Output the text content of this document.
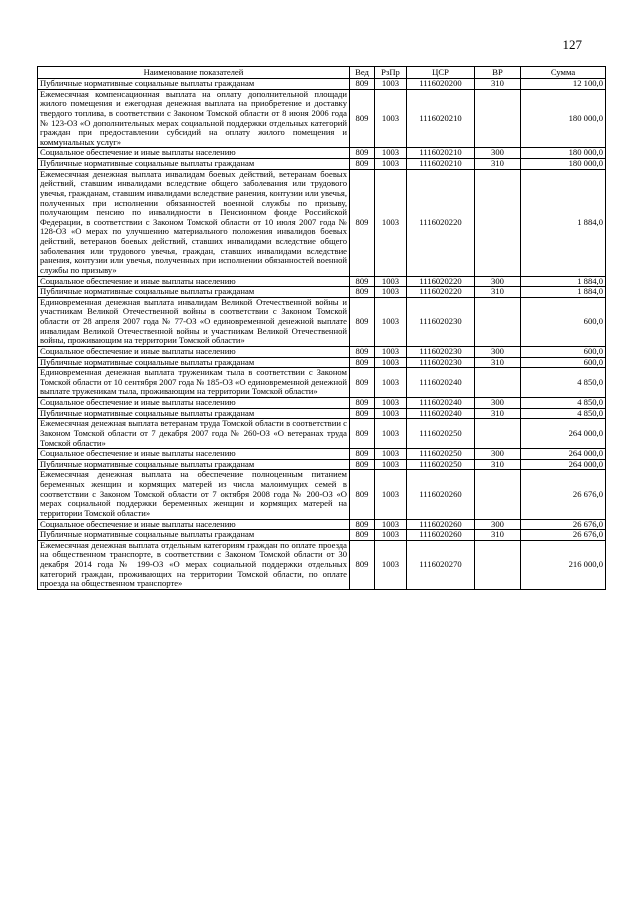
127
Наименование показателей	Вед	РзПр	ЦСР	ВР	Сумма
Публичные нормативные социальные выплаты гражданам	809	1003	1116020200	310	12 100,0
Ежемесячная компенсационная выплата на оплату дополнительной площади жилого помещения и ежегодная денежная выплата на приобретение и доставку твердого топлива, в соответствии с Законом Томской области от 8 июня 2006 года № 123-ОЗ «О дополнительных мерах социальной поддержки отдельных категорий граждан при предоставлении субсидий на оплату жилого помещения и коммунальных услуг»	809	1003	1116020210		180 000,0
Социальное обеспечение и иные выплаты населению	809	1003	1116020210	300	180 000,0
Публичные нормативные социальные выплаты гражданам	809	1003	1116020210	310	180 000,0
Ежемесячная денежная выплата инвалидам боевых действий, ветеранам боевых действий, ставшим инвалидами вследствие общего заболевания или трудового увечья, гражданам, ставшим инвалидами вследствие ранения, контузии или увечья, полученных при исполнении обязанностей военной службы по призыву, получающим пенсию по инвалидности в Пенсионном фонде Российской Федерации, в соответствии с Законом Томской области от 10 июля 2007 года № 128-ОЗ «О мерах по улучшению материального положения инвалидов боевых действий, ветеранов боевых действий, ставших инвалидами вследствие общего заболевания или трудового увечья, граждан, ставших инвалидами вследствие ранения, контузии или увечья, полученных при исполнении обязанностей военной службы по призыву»	809	1003	1116020220		1 884,0
Социальное обеспечение и иные выплаты населению	809	1003	1116020220	300	1 884,0
Публичные нормативные социальные выплаты гражданам	809	1003	1116020220	310	1 884,0
Единовременная денежная выплата инвалидам Великой Отечественной войны и участникам Великой Отечественной войны в соответствии с Законом Томской области от 28 апреля 2007 года № 77-ОЗ «О единовременной денежной выплате инвалидам Великой Отечественной войны и участникам Великой Отечественной войны, проживающим на территории Томской области»	809	1003	1116020230		600,0
Социальное обеспечение и иные выплаты населению	809	1003	1116020230	300	600,0
Публичные нормативные социальные выплаты гражданам	809	1003	1116020230	310	600,0
Единовременная денежная выплата труженикам тыла в соответствии с Законом Томской области от 10 сентября 2007 года № 185-ОЗ «О единовременной денежной выплате труженикам тыла, проживающим на территории Томской области»	809	1003	1116020240		4 850,0
Социальное обеспечение и иные выплаты населению	809	1003	1116020240	300	4 850,0
Публичные нормативные социальные выплаты гражданам	809	1003	1116020240	310	4 850,0
Ежемесячная денежная выплата ветеранам труда Томской области в соответствии с Законом Томской области от 7 декабря 2007 года № 260-ОЗ «О ветеранах труда Томской области»	809	1003	1116020250		264 000,0
Социальное обеспечение и иные выплаты населению	809	1003	1116020250	300	264 000,0
Публичные нормативные социальные выплаты гражданам	809	1003	1116020250	310	264 000,0
Ежемесячная денежная выплата на обеспечение полноценным питанием беременных женщин и кормящих матерей из числа малоимущих семей в соответствии с Законом Томской области от 7 октября 2008 года № 200-ОЗ «О мерах социальной поддержки беременных женщин и кормящих матерей на территории Томской области»	809	1003	1116020260		26 676,0
Социальное обеспечение и иные выплаты населению	809	1003	1116020260	300	26 676,0
Публичные нормативные социальные выплаты гражданам	809	1003	1116020260	310	26 676,0
Ежемесячная денежная выплата отдельным категориям граждан по оплате проезда на общественном транспорте, в соответствии с Законом Томской области от 30 декабря 2014 года № 199-ОЗ «О мерах социальной поддержки отдельных категорий граждан, проживающих на территории Томской области, по оплате проезда на общественном транспорте»	809	1003	1116020270		216 000,0
